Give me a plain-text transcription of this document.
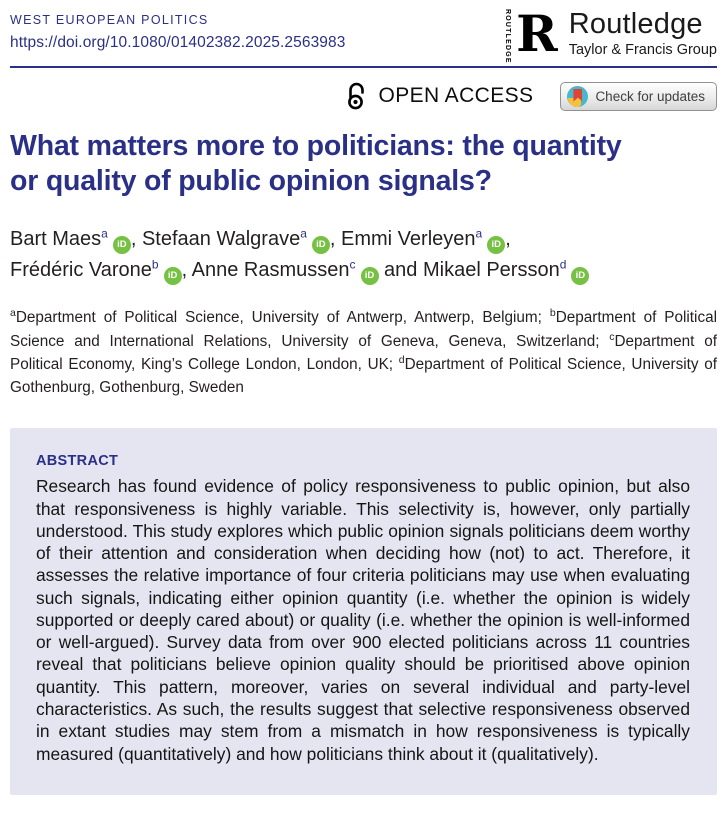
WEST EUROPEAN POLITICS
https://doi.org/10.1080/01402382.2025.2563983	ROUTLEDGE R Routledge
Taylor & Francis Group
OPEN ACCESS	Check for updates
What matters more to politicians: the quantity
or quality of public opinion signals?

Bart Maes$^a$
iD , Stefaan Walgrave$^a$
iD , Emmi Verleyen$^a$
iD ,
Frédéric Varone$^b$
iD , Anne Rasmussen$^c$
iD and Mikael Persson$^d$
iD

$^a$Department of Political Science, University of Antwerp, Antwerp, Belgium; $^b$Department of Political Science and International Relations, University of Geneva, Geneva, Switzerland; $^c$Department of Political Economy, King’s College London, London, UK; $^d$Department of Political Science, University of Gothenburg, Gothenburg, Sweden

ABSTRACT
Research has found evidence of policy responsiveness to public opinion, but also that responsiveness is highly variable. This selectivity is, however, only partially understood. This study explores which public opinion signals politicians deem worthy of their attention and consideration when deciding how (not) to act. Therefore, it assesses the relative importance of four criteria politicians may use when evaluating such signals, indicating either opinion quantity (i.e. whether the opinion is widely supported or deeply cared about) or quality (i.e. whether the opinion is well-informed or well-argued). Survey data from over 900 elected politicians across 11 countries reveal that politicians believe opinion quality should be prioritised above opinion quantity. This pattern, moreover, varies on several individual and party-level characteristics. As such, the results suggest that selective responsiveness observed in extant studies may stem from a mismatch in how responsiveness is typically measured (quantitatively) and how politicians think about it (qualitatively).
